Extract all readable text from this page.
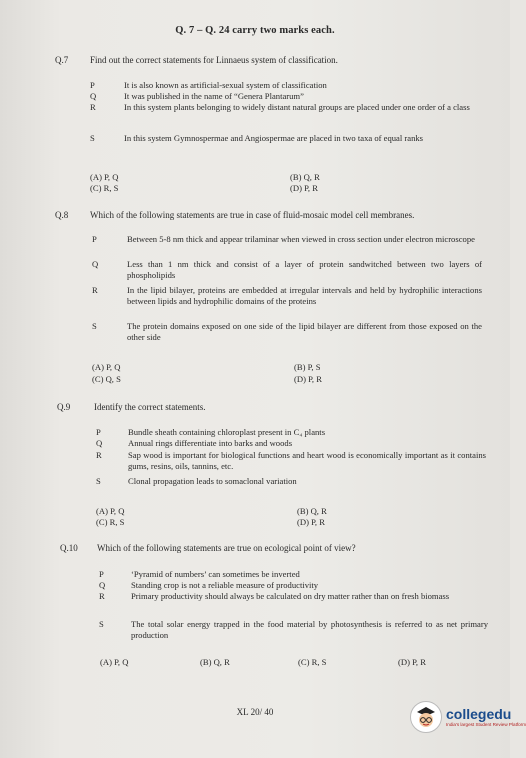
Q. 7 – Q. 24 carry two marks each.
Q.7 Find out the correct statements for Linnaeus system of classification.
P	It is also known as artificial-sexual system of classification
Q	It was published in the name of “Genera Plantarum”
R	In this system plants belonging to widely distant natural groups are placed under one order of a class
S	In this system Gymnospermae and Angiospermae are placed in two taxa of equal ranks
(A) P, Q	(B) Q, R
(C) R, S	(D) P, R
Q.8 Which of the following statements are true in case of fluid-mosaic model cell membranes.
P	Between 5-8 nm thick and appear trilaminar when viewed in cross section under electron microscope
Q	Less than 1 nm thick and consist of a layer of protein sandwitched between two layers of phospholipids
R	In the lipid bilayer, proteins are embedded at irregular intervals and held by hydrophilic interactions between lipids and hydrophilic domains of the proteins
S	The protein domains exposed on one side of the lipid bilayer are different from those exposed on the other side
(A) P, Q	(B) P, S
(C) Q, S	(D) P, R
Q.9	Identify the correct statements.
P	Bundle sheath containing chloroplast present in C₄ plants
Q	Annual rings differentiate into barks and woods
R	Sap wood is important for biological functions and heart wood is economically important as it contains gums, resins, oils, tannins, etc.
S	Clonal propagation leads to somaclonal variation
(A) P, Q	(B) Q, R
(C) R, S	(D) P, R
Q.10 Which of the following statements are true on ecological point of view?
P	‘Pyramid of numbers’ can sometimes be inverted
Q	Standing crop is not a reliable measure of productivity
R	Primary productivity should always be calculated on dry matter rather than on fresh biomass
S	The total solar energy trapped in the food material by photosynthesis is referred to as net primary production
(A) P, Q	(B) Q, R	(C) R, S	(D) P, R
XL 20/ 40	collegedu
India's largest Student Review Platform
